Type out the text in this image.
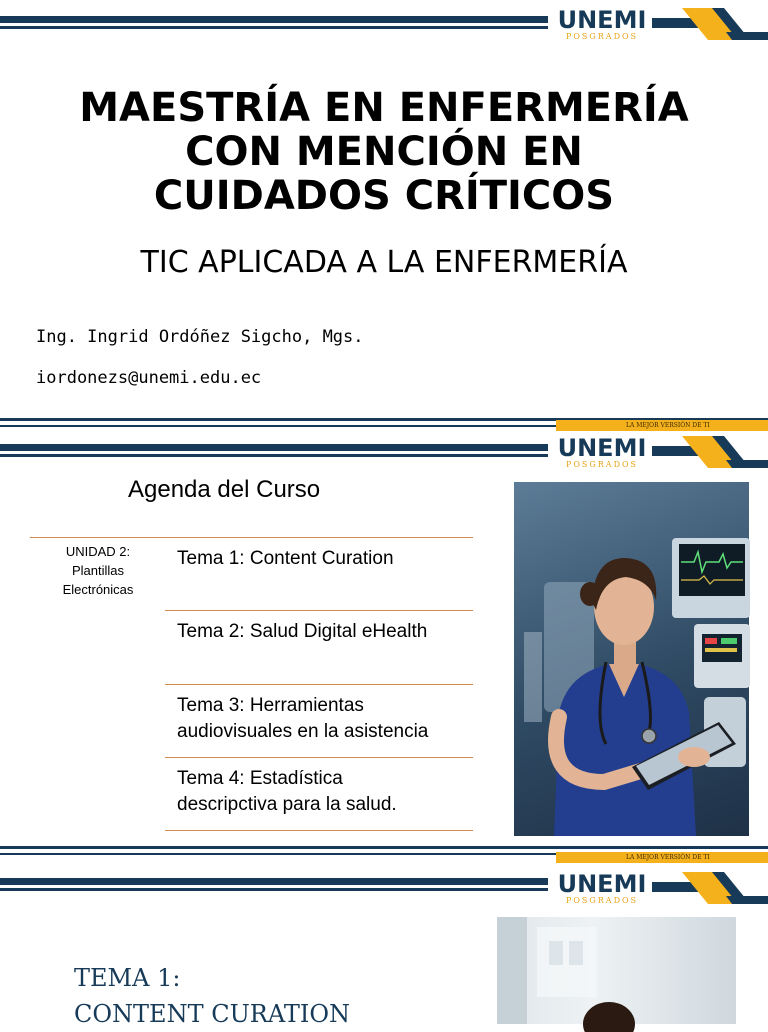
UNEMI
POSGRADOS
MAESTRÍA EN ENFERMERÍA
CON MENCIÓN EN
CUIDADOS CRÍTICOS
TIC APLICADA A LA ENFERMERÍA
Ing. Ingrid Ordóñez Sigcho, Mgs.
iordonezs@unemi.edu.ec
LA MEJOR VERSIÓN DE TI
UNEMI
POSGRADOS
Agenda del Curso
UNIDAD 2:
Plantillas
Electrónicas
Tema 1: Content Curation
Tema 2: Salud Digital eHealth
Tema 3: Herramientas
audiovisuales en la asistencia
Tema 4: Estadística
descripctiva para la salud.
LA MEJOR VERSIÓN DE TI
UNEMI
POSGRADOS
TEMA 1:
CONTENT CURATION
